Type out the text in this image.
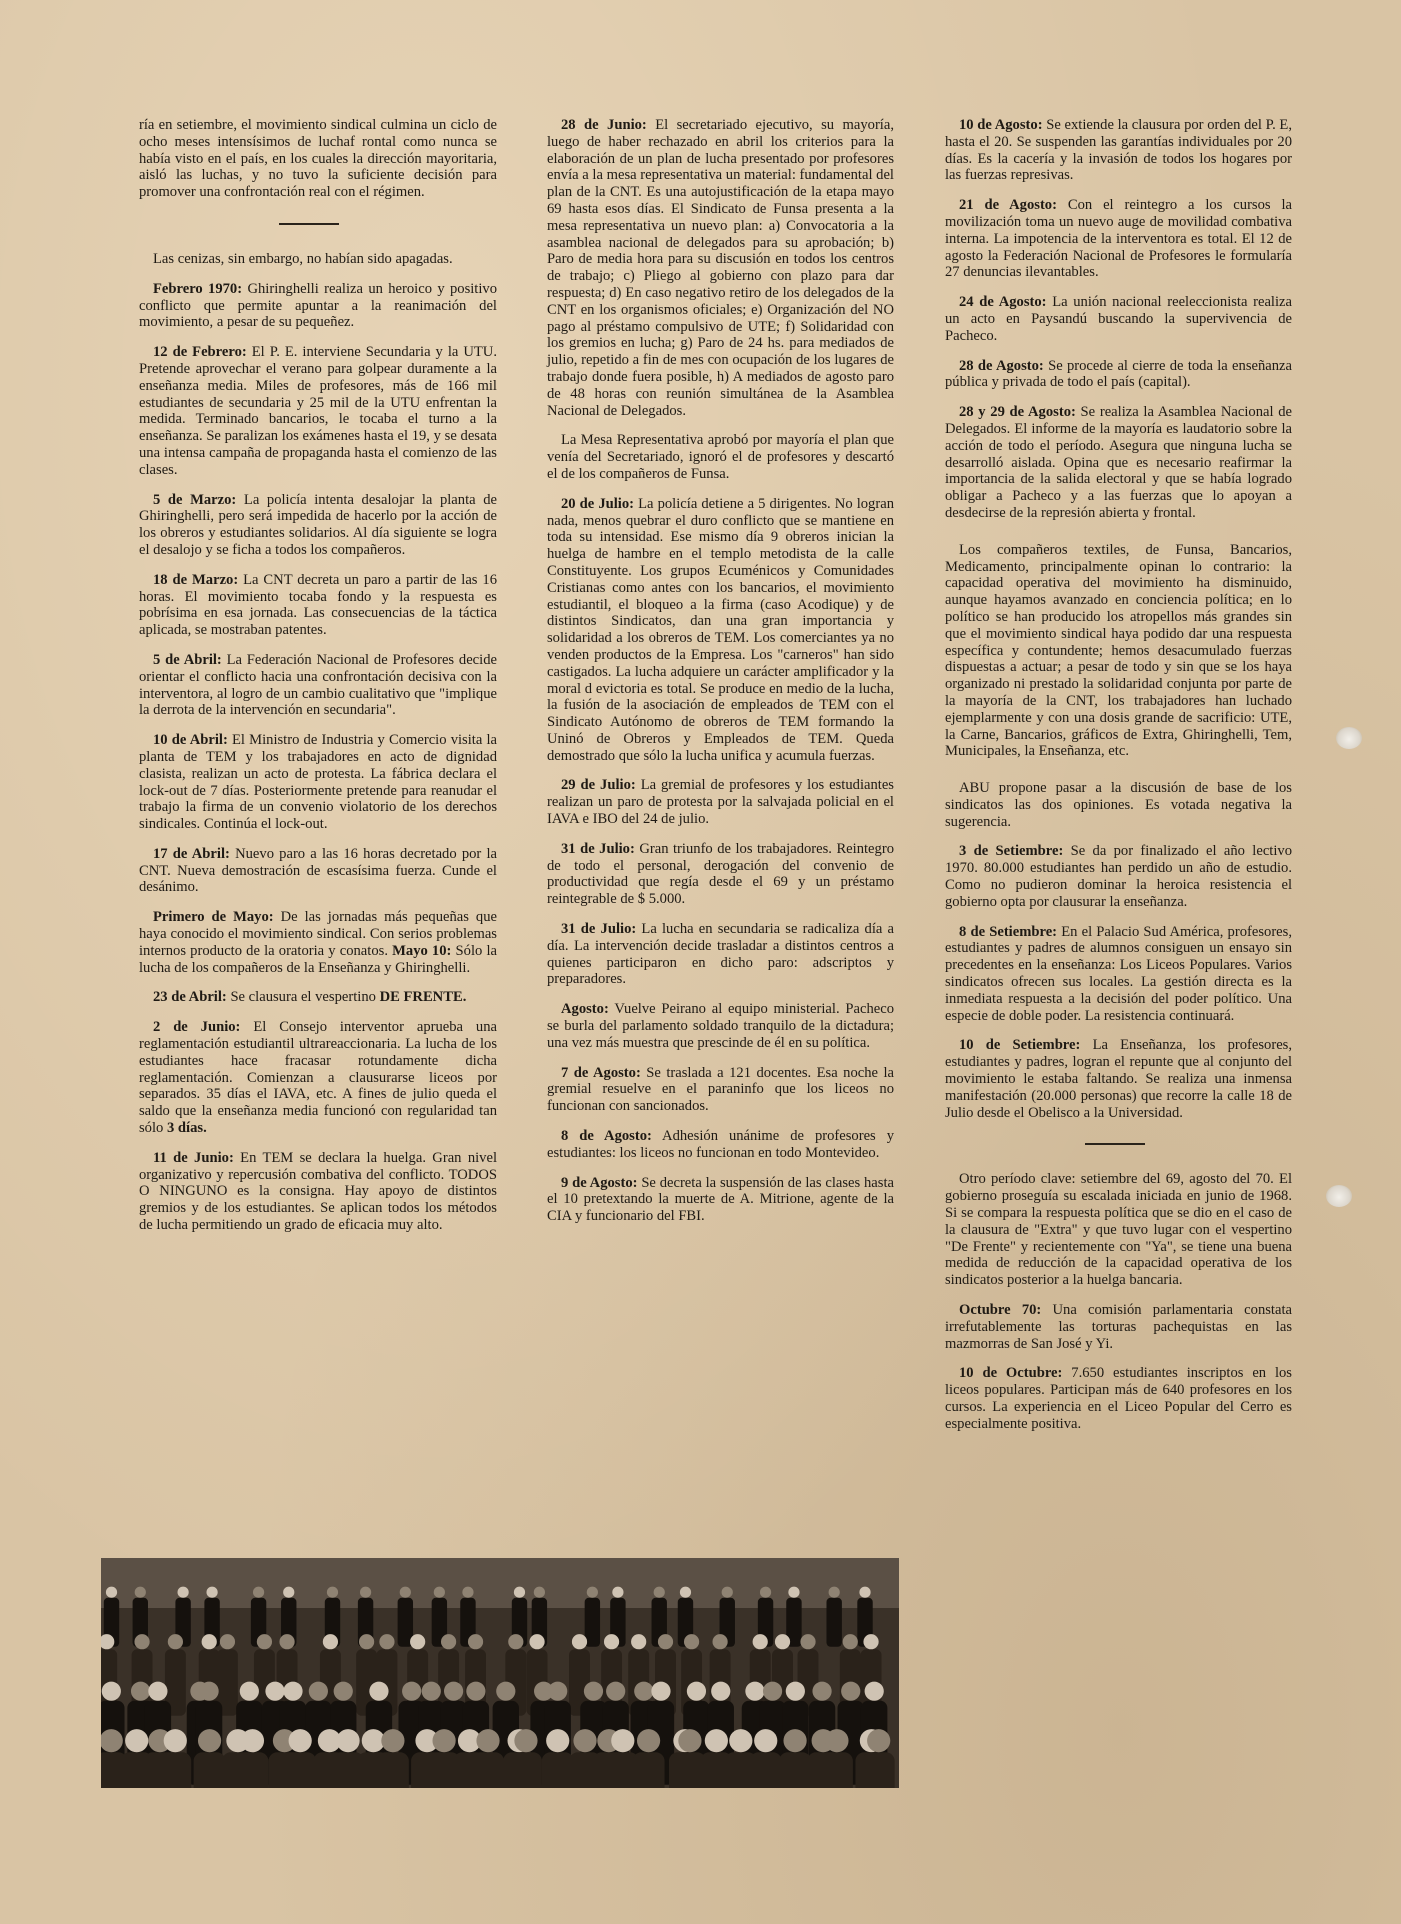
ría en setiembre, el movimiento sindical culmina un ciclo de ocho meses intensísimos de luchaf rontal como nunca se había visto en el país, en los cuales la dirección mayoritaria, aisló las luchas, y no tuvo la suficiente decisión para promover una confrontación real con el régimen.

Las cenizas, sin embargo, no habían sido apagadas.

Febrero 1970: Ghiringhelli realiza un heroico y positivo conflicto que permite apuntar a la reanimación del movimiento, a pesar de su pequeñez.

12 de Febrero: El P. E. interviene Secundaria y la UTU. Pretende aprovechar el verano para golpear duramente a la enseñanza media. Miles de profesores, más de 166 mil estudiantes de secundaria y 25 mil de la UTU enfrentan la medida. Terminado bancarios, le tocaba el turno a la enseñanza. Se paralizan los exámenes hasta el 19, y se desata una intensa campaña de propaganda hasta el comienzo de las clases.

5 de Marzo: La policía intenta desalojar la planta de Ghiringhelli, pero será impedida de hacerlo por la acción de los obreros y estudiantes solidarios. Al día siguiente se logra el desalojo y se ficha a todos los compañeros.

18 de Marzo: La CNT decreta un paro a partir de las 16 horas. El movimiento tocaba fondo y la respuesta es pobrísima en esa jornada. Las consecuencias de la táctica aplicada, se mostraban patentes.

5 de Abril: La Federación Nacional de Profesores decide orientar el conflicto hacia una confrontación decisiva con la interventora, al logro de un cambio cualitativo que "implique la derrota de la intervención en secundaria".

10 de Abril: El Ministro de Industria y Comercio visita la planta de TEM y los trabajadores en acto de dignidad clasista, realizan un acto de protesta. La fábrica declara el lock-out de 7 días. Posteriormente pretende para reanudar el trabajo la firma de un convenio violatorio de los derechos sindicales. Continúa el lock-out.

17 de Abril: Nuevo paro a las 16 horas decretado por la CNT. Nueva demostración de escasísima fuerza. Cunde el desánimo.

Primero de Mayo: De las jornadas más pequeñas que haya conocido el movimiento sindical. Con serios problemas internos producto de la oratoria y conatos. Mayo 10: Sólo la lucha de los compañeros de la Enseñanza y Ghiringhelli.

23 de Abril: Se clausura el vespertino DE FRENTE.

2 de Junio: El Consejo interventor aprueba una reglamentación estudiantil ultrareaccionaria. La lucha de los estudiantes hace fracasar rotundamente dicha reglamentación. Comienzan a clausurarse liceos por separados. 35 días el IAVA, etc. A fines de julio queda el saldo que la enseñanza media funcionó con regularidad tan sólo 3 días.

11 de Junio: En TEM se declara la huelga. Gran nivel organizativo y repercusión combativa del conflicto. TODOS O NINGUNO es la consigna. Hay apoyo de distintos gremios y de los estudiantes. Se aplican todos los métodos de lucha permitiendo un grado de eficacia muy alto.

28 de Junio: El secretariado ejecutivo, su mayoría, luego de haber rechazado en abril los criterios para la elaboración de un plan de lucha presentado por profesores envía a la mesa representativa un material: fundamental del plan de la CNT. Es una autojustificación de la etapa mayo 69 hasta esos días. El Sindicato de Funsa presenta a la mesa representativa un nuevo plan: a) Convocatoria a la asamblea nacional de delegados para su aprobación; b) Paro de media hora para su discusión en todos los centros de trabajo; c) Pliego al gobierno con plazo para dar respuesta; d) En caso negativo retiro de los delegados de la CNT en los organismos oficiales; e) Organización del NO pago al préstamo compulsivo de UTE; f) Solidaridad con los gremios en lucha; g) Paro de 24 hs. para mediados de julio, repetido a fin de mes con ocupación de los lugares de trabajo donde fuera posible, h) A mediados de agosto paro de 48 horas con reunión simultánea de la Asamblea Nacional de Delegados.

La Mesa Representativa aprobó por mayoría el plan que venía del Secretariado, ignoró el de profesores y descartó el de los compañeros de Funsa.

20 de Julio: La policía detiene a 5 dirigentes. No logran nada, menos quebrar el duro conflicto que se mantiene en toda su intensidad. Ese mismo día 9 obreros inician la huelga de hambre en el templo metodista de la calle Constituyente. Los grupos Ecuménicos y Comunidades Cristianas como antes con los bancarios, el movimiento estudiantil, el bloqueo a la firma (caso Acodique) y de distintos Sindicatos, dan una gran importancia y solidaridad a los obreros de TEM. Los comerciantes ya no venden productos de la Empresa. Los "carneros" han sido castigados. La lucha adquiere un carácter amplificador y la moral d evictoria es total. Se produce en medio de la lucha, la fusión de la asociación de empleados de TEM con el Sindicato Autónomo de obreros de TEM formando la Uninó de Obreros y Empleados de TEM. Queda demostrado que sólo la lucha unifica y acumula fuerzas.

29 de Julio: La gremial de profesores y los estudiantes realizan un paro de protesta por la salvajada policial en el IAVA e IBO del 24 de julio.

31 de Julio: Gran triunfo de los trabajadores. Reintegro de todo el personal, derogación del convenio de productividad que regía desde el 69 y un préstamo reintegrable de $ 5.000.

31 de Julio: La lucha en secundaria se radicaliza día a día. La intervención decide trasladar a distintos centros a quienes participaron en dicho paro: adscriptos y preparadores.

Agosto: Vuelve Peirano al equipo ministerial. Pacheco se burla del parlamento soldado tranquilo de la dictadura; una vez más muestra que prescinde de él en su política.

7 de Agosto: Se traslada a 121 docentes. Esa noche la gremial resuelve en el paraninfo que los liceos no funcionan con sancionados.

8 de Agosto: Adhesión unánime de profesores y estudiantes: los liceos no funcionan en todo Montevideo.

9 de Agosto: Se decreta la suspensión de las clases hasta el 10 pretextando la muerte de A. Mitrione, agente de la CIA y funcionario del FBI.

10 de Agosto: Se extiende la clausura por orden del P. E, hasta el 20. Se suspenden las garantías individuales por 20 días. Es la cacería y la invasión de todos los hogares por las fuerzas represivas.

21 de Agosto: Con el reintegro a los cursos la movilización toma un nuevo auge de movilidad combativa interna. La impotencia de la interventora es total. El 12 de agosto la Federación Nacional de Profesores le formularía 27 denuncias ilevantables.

24 de Agosto: La unión nacional reeleccionista realiza un acto en Paysandú buscando la supervivencia de Pacheco.

28 de Agosto: Se procede al cierre de toda la enseñanza pública y privada de todo el país (capital).

28 y 29 de Agosto: Se realiza la Asamblea Nacional de Delegados. El informe de la mayoría es laudatorio sobre la acción de todo el período. Asegura que ninguna lucha se desarrolló aislada. Opina que es necesario reafirmar la importancia de la salida electoral y que se había logrado obligar a Pacheco y a las fuerzas que lo apoyan a desdecirse de la represión abierta y frontal.

Los compañeros textiles, de Funsa, Bancarios, Medicamento, principalmente opinan lo contrario: la capacidad operativa del movimiento ha disminuido, aunque hayamos avanzado en conciencia política; en lo político se han producido los atropellos más grandes sin que el movimiento sindical haya podido dar una respuesta específica y contundente; hemos desacumulado fuerzas dispuestas a actuar; a pesar de todo y sin que se los haya organizado ni prestado la solidaridad conjunta por parte de la mayoría de la CNT, los trabajadores han luchado ejemplarmente y con una dosis grande de sacrificio: UTE, la Carne, Bancarios, gráficos de Extra, Ghiringhelli, Tem, Municipales, la Enseñanza, etc.

ABU propone pasar a la discusión de base de los sindicatos las dos opiniones. Es votada negativa la sugerencia.

3 de Setiembre: Se da por finalizado el año lectivo 1970. 80.000 estudiantes han perdido un año de estudio. Como no pudieron dominar la heroica resistencia el gobierno opta por clausurar la enseñanza.

8 de Setiembre: En el Palacio Sud América, profesores, estudiantes y padres de alumnos consiguen un ensayo sin precedentes en la enseñanza: Los Liceos Populares. Varios sindicatos ofrecen sus locales. La gestión directa es la inmediata respuesta a la decisión del poder político. Una especie de doble poder. La resistencia continuará.

10 de Setiembre: La Enseñanza, los profesores, estudiantes y padres, logran el repunte que al conjunto del movimiento le estaba faltando. Se realiza una inmensa manifestación (20.000 personas) que recorre la calle 18 de Julio desde el Obelisco a la Universidad.

Otro período clave: setiembre del 69, agosto del 70. El gobierno proseguía su escalada iniciada en junio de 1968. Si se compara la respuesta política que se dio en el caso de la clausura de "Extra" y que tuvo lugar con el vespertino "De Frente" y recientemente con "Ya", se tiene una buena medida de reducción de la capacidad operativa de los sindicatos posterior a la huelga bancaria.

Octubre 70: Una comisión parlamentaria constata irrefutablemente las torturas pachequistas en las mazmorras de San José y Yi.

10 de Octubre: 7.650 estudiantes inscriptos en los liceos populares. Participan más de 640 profesores en los cursos. La experiencia en el Liceo Popular del Cerro es especialmente positiva.
